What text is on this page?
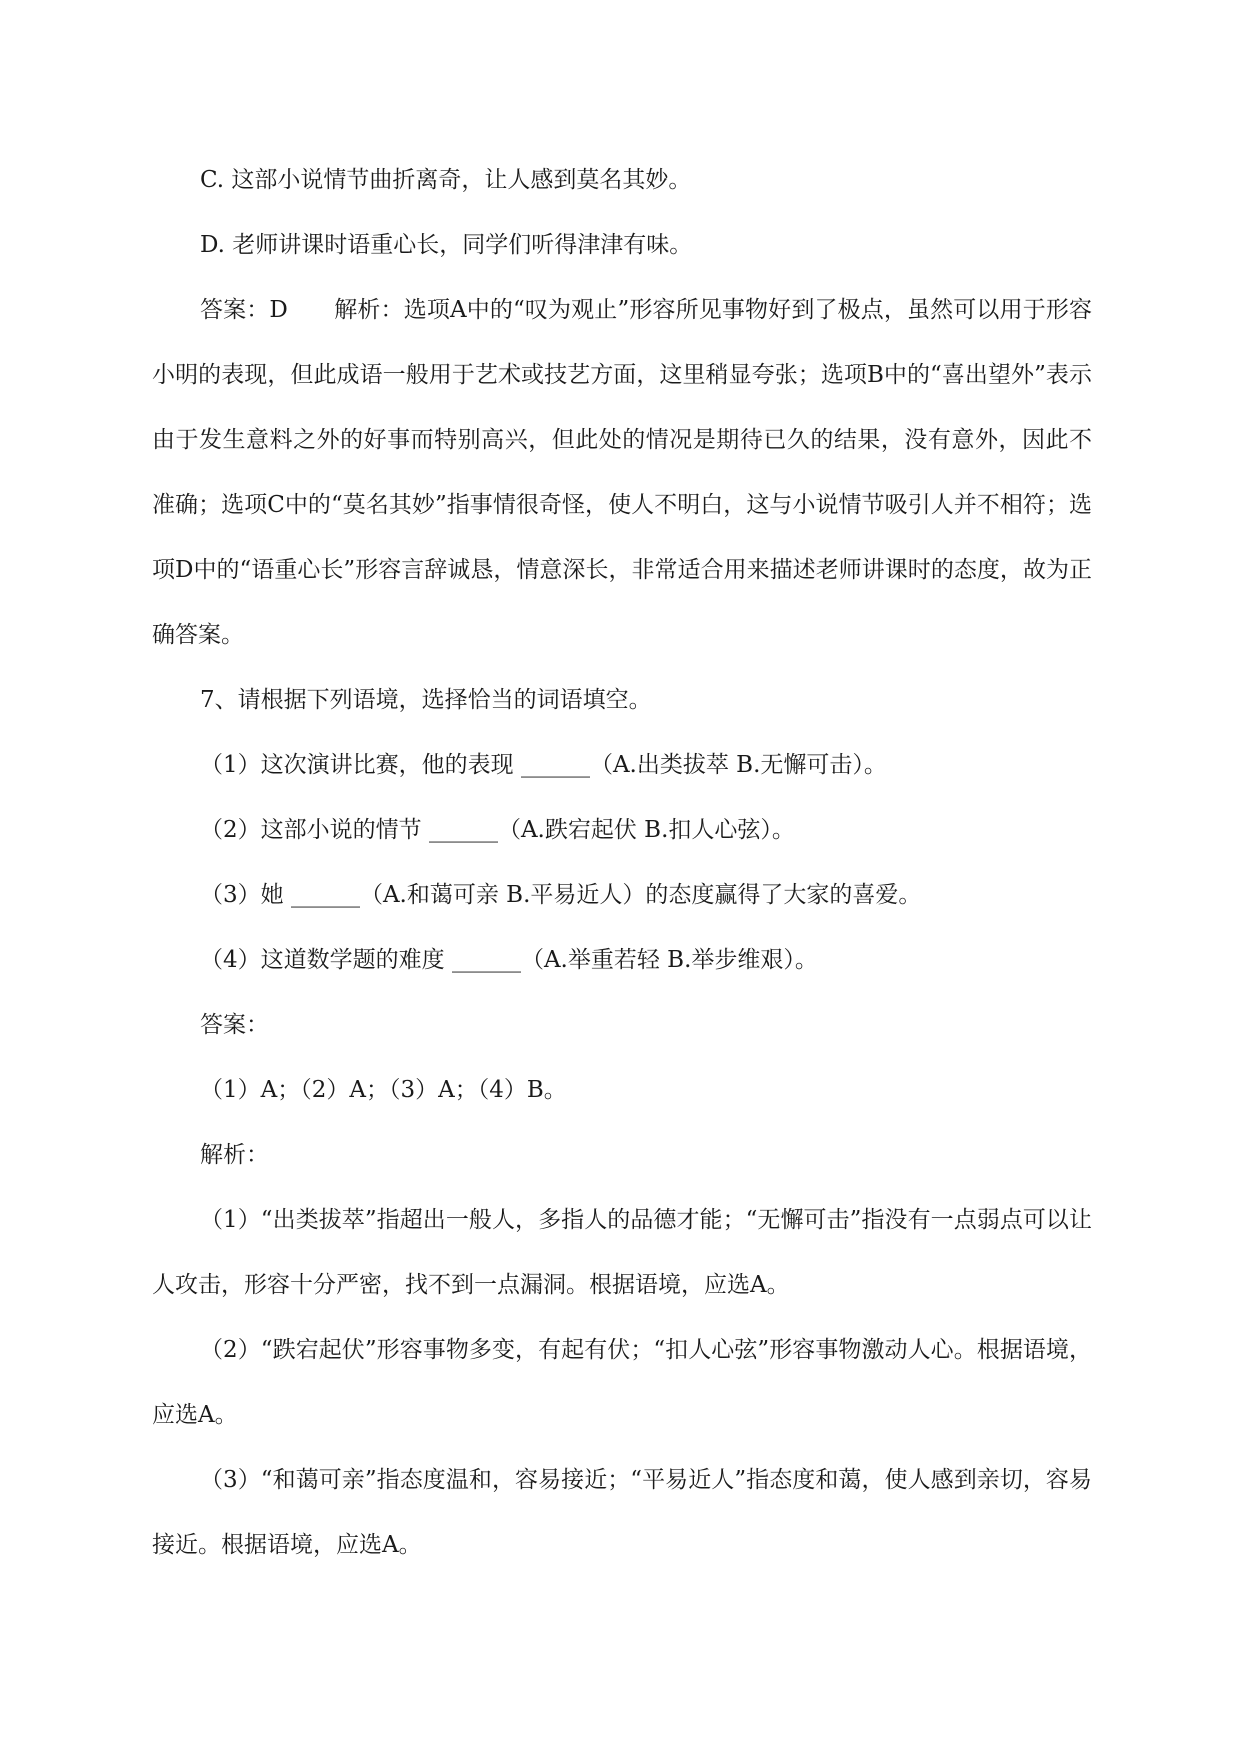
C. 这部小说情节曲折离奇，让人感到莫名其妙。

D. 老师讲课时语重心长，同学们听得津津有味。

答案：D　　解析：选项A中的“叹为观止”形容所见事物好到了极点，虽然可以用于形容小明的表现，但此成语一般用于艺术或技艺方面，这里稍显夸张；选项B中的“喜出望外”表示由于发生意料之外的好事而特别高兴，但此处的情况是期待已久的结果，没有意外，因此不准确；选项C中的“莫名其妙”指事情很奇怪，使人不明白，这与小说情节吸引人并不相符；选项D中的“语重心长”形容言辞诚恳，情意深长，非常适合用来描述老师讲课时的态度，故为正确答案。

7、请根据下列语境，选择恰当的词语填空。

（1）这次演讲比赛，他的表现 ______（A.出类拔萃 B.无懈可击）。

（2）这部小说的情节 ______（A.跌宕起伏 B.扣人心弦）。

（3）她 ______（A.和蔼可亲 B.平易近人）的态度赢得了大家的喜爱。

（4）这道数学题的难度 ______（A.举重若轻 B.举步维艰）。

答案：

（1）A；（2）A；（3）A；（4）B。

解析：

（1）“出类拔萃”指超出一般人，多指人的品德才能；“无懈可击”指没有一点弱点可以让人攻击，形容十分严密，找不到一点漏洞。根据语境，应选A。

（2）“跌宕起伏”形容事物多变，有起有伏；“扣人心弦”形容事物激动人心。根据语境，应选A。

（3）“和蔼可亲”指态度温和，容易接近；“平易近人”指态度和蔼，使人感到亲切，容易接近。根据语境，应选A。
